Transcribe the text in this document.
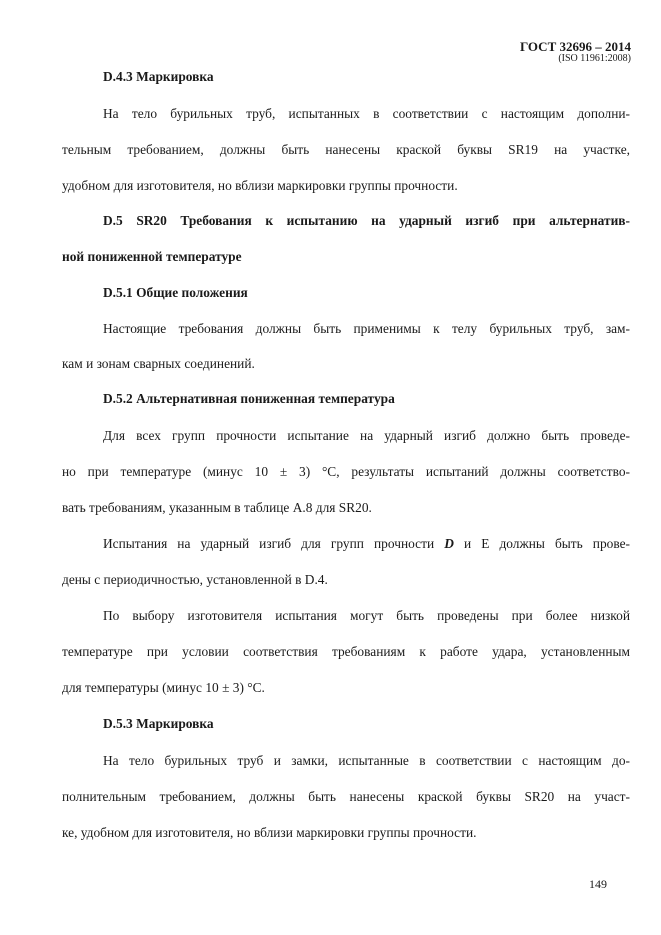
ГОСТ 32696 – 2014
(ISO 11961:2008)
D.4.3 Маркировка
На тело бурильных труб, испытанных в соответствии с настоящим дополни-
тельным требованием, должны быть нанесены краской буквы SR19 на участке,
удобном для изготовителя, но вблизи маркировки группы прочности.
D.5 SR20 Требования к испытанию на ударный изгиб при альтернатив-
ной пониженной температуре
D.5.1 Общие положения
Настоящие требования должны быть применимы к телу бурильных труб, зам-
кам и зонам сварных соединений.
D.5.2 Альтернативная пониженная температура
Для всех групп прочности испытание на ударный изгиб должно быть проведе-
но при температуре (минус 10 ± 3) °С, результаты испытаний должны соответство-
вать требованиям, указанным в таблице А.8 для SR20.
Испытания на ударный изгиб для групп прочности D и Е должны быть прове-
дены с периодичностью, установленной в D.4.
По выбору изготовителя испытания могут быть проведены при более низкой
температуре при условии соответствия требованиям к работе удара, установленным
для температуры (минус 10 ± 3) °С.
D.5.3 Маркировка
На тело бурильных труб и замки, испытанные в соответствии с настоящим до-
полнительным требованием, должны быть нанесены краской буквы SR20 на участ-
ке, удобном для изготовителя, но вблизи маркировки группы прочности.
149
